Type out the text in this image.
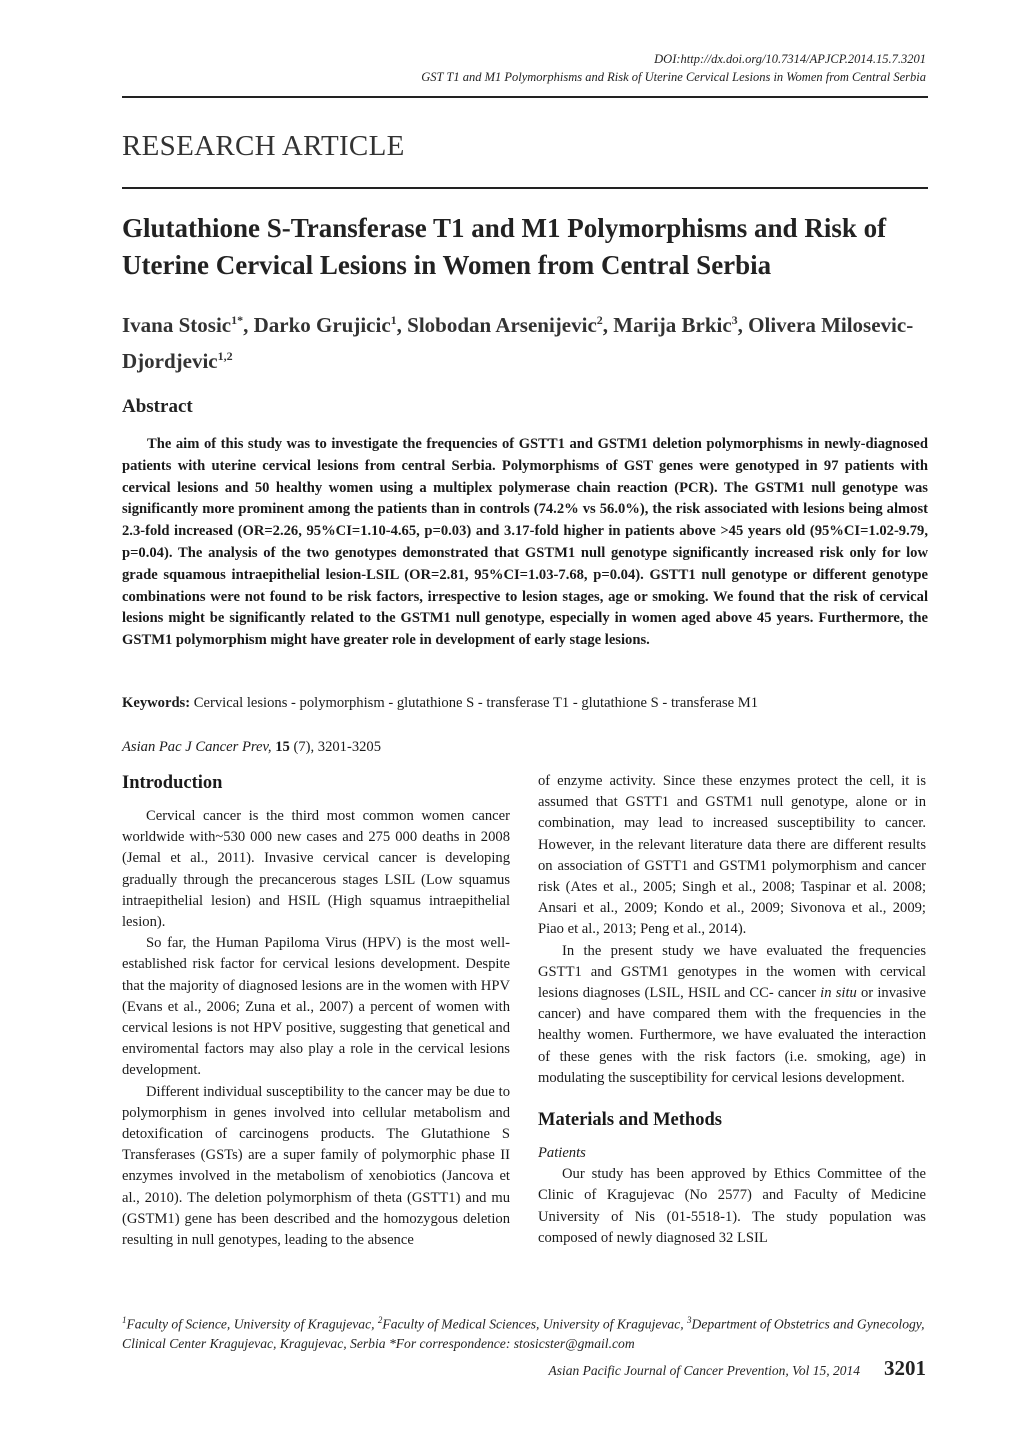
DOI:http://dx.doi.org/10.7314/APJCP.2014.15.7.3201
GST T1 and M1 Polymorphisms and Risk of Uterine Cervical Lesions in Women from Central Serbia
RESEARCH ARTICLE
Glutathione S-Transferase T1 and M1 Polymorphisms and Risk of Uterine Cervical Lesions in Women from Central Serbia
Ivana Stosic$^{1*}$, Darko Grujicic$^1$, Slobodan Arsenijevic$^2$, Marija Brkic$^3$, Olivera Milosevic-Djordjevic$^{1,2}$
Abstract

The aim of this study was to investigate the frequencies of GSTT1 and GSTM1 deletion polymorphisms in newly-diagnosed patients with uterine cervical lesions from central Serbia. Polymorphisms of GST genes were genotyped in 97 patients with cervical lesions and 50 healthy women using a multiplex polymerase chain reaction (PCR). The GSTM1 null genotype was significantly more prominent among the patients than in controls (74.2% vs 56.0%), the risk associated with lesions being almost 2.3-fold increased (OR=2.26, 95%CI=1.10-4.65, p=0.03) and 3.17-fold higher in patients above >45 years old (95%CI=1.02-9.79, p=0.04). The analysis of the two genotypes demonstrated that GSTM1 null genotype significantly increased risk only for low grade squamous intraepithelial lesion-LSIL (OR=2.81, 95%CI=1.03-7.68, p=0.04). GSTT1 null genotype or different genotype combinations were not found to be risk factors, irrespective to lesion stages, age or smoking. We found that the risk of cervical lesions might be significantly related to the GSTM1 null genotype, especially in women aged above 45 years. Furthermore, the GSTM1 polymorphism might have greater role in development of early stage lesions.

Keywords: Cervical lesions - polymorphism - glutathione S - transferase T1 - glutathione S - transferase M1
Asian Pac J Cancer Prev, 15 (7), 3201-3205
Introduction

Cervical cancer is the third most common women cancer worldwide with~530 000 new cases and 275 000 deaths in 2008 (Jemal et al., 2011). Invasive cervical cancer is developing gradually through the precancerous stages LSIL (Low squamus intraepithelial lesion) and HSIL (High squamus intraepithelial lesion).

So far, the Human Papiloma Virus (HPV) is the most well-established risk factor for cervical lesions development. Despite that the majority of diagnosed lesions are in the women with HPV (Evans et al., 2006; Zuna et al., 2007) a percent of women with cervical lesions is not HPV positive, suggesting that genetical and enviromental factors may also play a role in the cervical lesions development.

Different individual susceptibility to the cancer may be due to polymorphism in genes involved into cellular metabolism and detoxification of carcinogens products. The Glutathione S Transferases (GSTs) are a super family of polymorphic phase II enzymes involved in the metabolism of xenobiotics (Jancova et al., 2010). The deletion polymorphism of theta (GSTT1) and mu (GSTM1) gene has been described and the homozygous deletion resulting in null genotypes, leading to the absence

of enzyme activity. Since these enzymes protect the cell, it is assumed that GSTT1 and GSTM1 null genotype, alone or in combination, may lead to increased susceptibility to cancer. However, in the relevant literature data there are different results on association of GSTT1 and GSTM1 polymorphism and cancer risk (Ates et al., 2005; Singh et al., 2008; Taspinar et al. 2008; Ansari et al., 2009; Kondo et al., 2009; Sivonova et al., 2009; Piao et al., 2013; Peng et al., 2014).

In the present study we have evaluated the frequencies GSTT1 and GSTM1 genotypes in the women with cervical lesions diagnoses (LSIL, HSIL and CC- cancer in situ or invasive cancer) and have compared them with the frequencies in the healthy women. Furthermore, we have evaluated the interaction of these genes with the risk factors (i.e. smoking, age) in modulating the susceptibility for cervical lesions development.

Materials and Methods

Patients

Our study has been approved by Ethics Committee of the Clinic of Kragujevac (No 2577) and Faculty of Medicine University of Nis (01-5518-1). The study population was composed of newly diagnosed 32 LSIL

$^1$Faculty of Science, University of Kragujevac, $^2$Faculty of Medical Sciences, University of Kragujevac, $^3$Department of Obstetrics and Gynecology, Clinical Center Kragujevac, Kragujevac, Serbia *For correspondence: stosicster@gmail.com
Asian Pacific Journal of Cancer Prevention, Vol 15, 2014 3201
